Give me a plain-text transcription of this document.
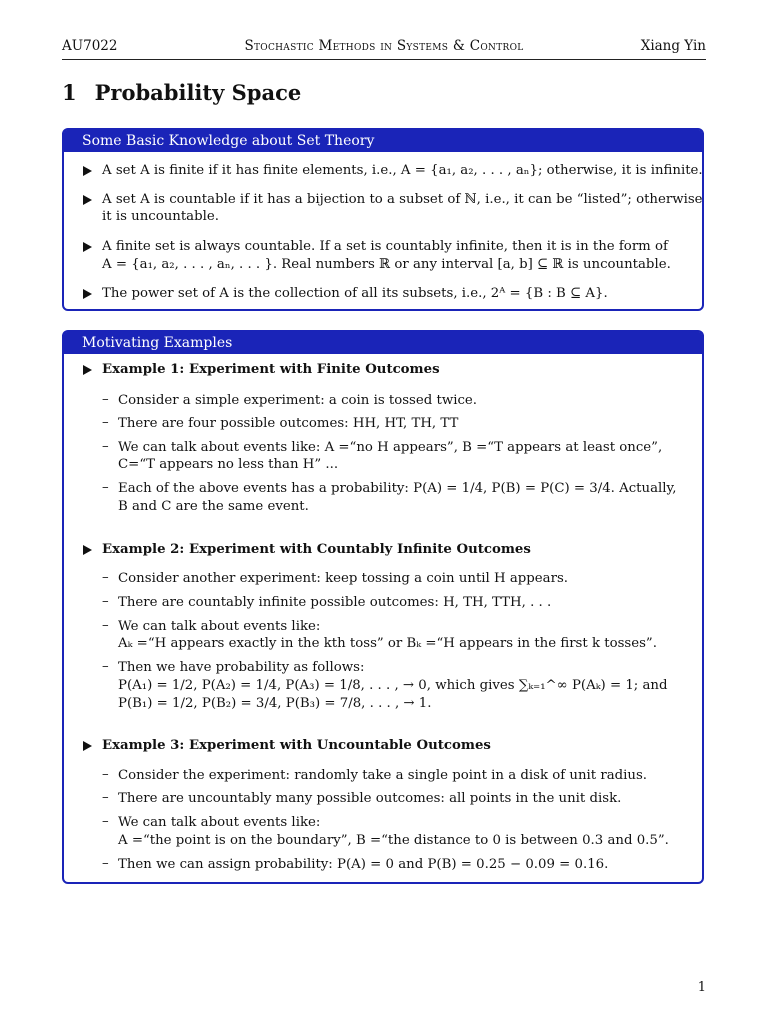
AU7022	Stochastic Methods in Systems & Control	Xiang Yin
1 Probability Space
Some Basic Knowledge about Set Theory
A set A is finite if it has finite elements, i.e., A = {a₁, a₂, . . . , aₙ}; otherwise, it is infinite.
A set A is countable if it has a bijection to a subset of ℕ, i.e., it can be “listed”; otherwise
it is uncountable.
A finite set is always countable. If a set is countably infinite, then it is in the form of
A = {a₁, a₂, . . . , aₙ, . . . }. Real numbers ℝ or any interval [a, b] ⊆ ℝ is uncountable.
The power set of A is the collection of all its subsets, i.e., 2ᴬ = {B : B ⊆ A}.
Motivating Examples
Example 1: Experiment with Finite Outcomes
– Consider a simple experiment: a coin is tossed twice.
– There are four possible outcomes: HH, HT, TH, TT
– We can talk about events like: A =“no H appears”, B =“T appears at least once”,
C=“T appears no less than H” ...
– Each of the above events has a probability: P(A) = 1/4, P(B) = P(C) = 3/4. Actually,
B and C are the same event.
Example 2: Experiment with Countably Infinite Outcomes
– Consider another experiment: keep tossing a coin until H appears.
– There are countably infinite possible outcomes: H, TH, TTH, . . .
– We can talk about events like:
Aₖ =“H appears exactly in the kth toss” or Bₖ =“H appears in the first k tosses”.
– Then we have probability as follows:
P(A₁) = 1/2, P(A₂) = 1/4, P(A₃) = 1/8, . . . , → 0, which gives ∑ₖ₌₁^∞ P(Aₖ) = 1; and
P(B₁) = 1/2, P(B₂) = 3/4, P(B₃) = 7/8, . . . , → 1.
Example 3: Experiment with Uncountable Outcomes
– Consider the experiment: randomly take a single point in a disk of unit radius.
– There are uncountably many possible outcomes: all points in the unit disk.
– We can talk about events like:
A =“the point is on the boundary”, B =“the distance to 0 is between 0.3 and 0.5”.
– Then we can assign probability: P(A) = 0 and P(B) = 0.25 − 0.09 = 0.16.
1
